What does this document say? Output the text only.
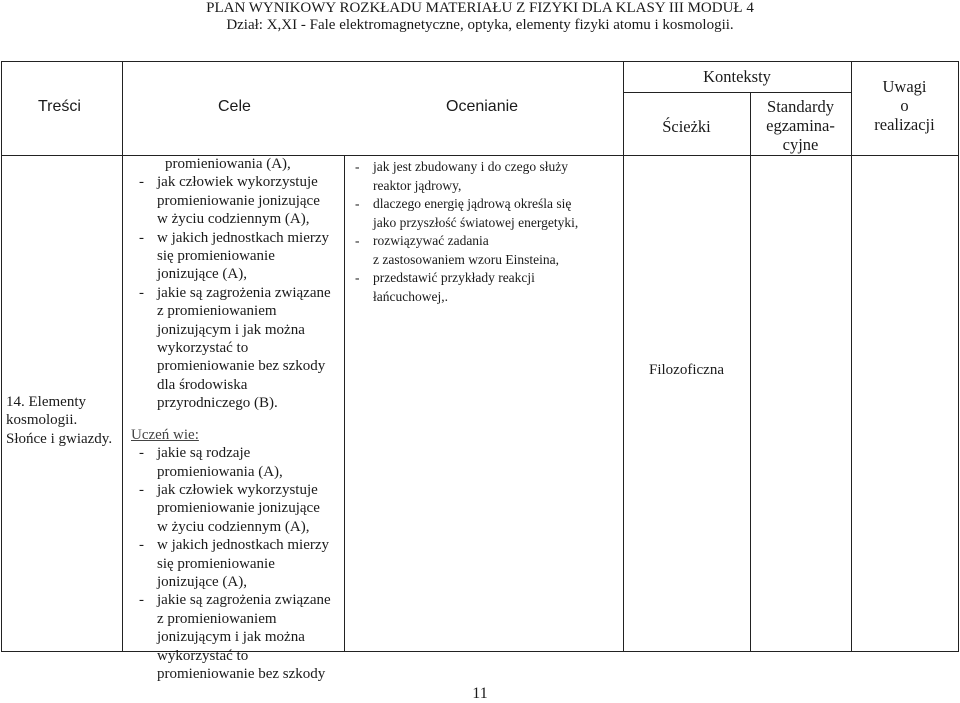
PLAN WYNIKOWY ROZKŁADU MATERIAŁU Z FIZYKI DLA KLASY III MODUŁ 4
Dział: X,XI - Fale elektromagnetyczne, optyka, elementy fizyki atomu i kosmologii.
Treści	Cele	Ocenianie
Konteksty
Ścieżki
Standardy
egzamina-
cyjne
Uwagi
o
realizacji
14. Elementy
kosmologii.
Słońce i gwiazdy.
promieniowania (A),
- jak człowiek wykorzystuje
promieniowanie jonizujące
w życiu codziennym (A),
- w jakich jednostkach mierzy
się promieniowanie
jonizujące (A),
- jakie są zagrożenia związane
z promieniowaniem
jonizującym i jak można
wykorzystać to
promieniowanie bez szkody
dla środowiska
przyrodniczego (B).
Uczeń wie:
- jakie są rodzaje
promieniowania (A),
- jak człowiek wykorzystuje
promieniowanie jonizujące
w życiu codziennym (A),
- w jakich jednostkach mierzy
się promieniowanie
jonizujące (A),
- jakie są zagrożenia związane
z promieniowaniem
jonizującym i jak można
wykorzystać to
promieniowanie bez szkody
- jak jest zbudowany i do czego służy
reaktor jądrowy,
- dlaczego energię jądrową określa się
jako przyszłość światowej energetyki,
- rozwiązywać zadania
z zastosowaniem wzoru Einsteina,
- przedstawić przykłady reakcji
łańcuchowej,.
Filozoficzna
11
